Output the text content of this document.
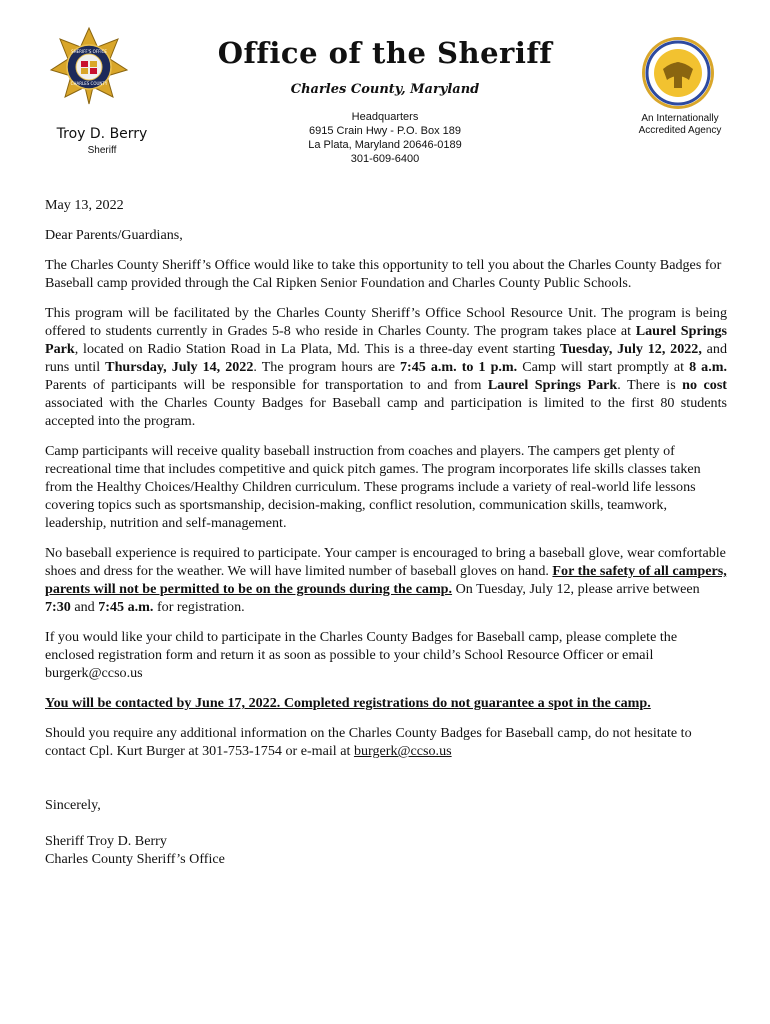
SHERIFF'S OFFICE
CHARLES COUNTY
Office of the Sheriff
Charles County, Maryland
Headquarters
6915 Crain Hwy - P.O. Box 189
La Plata, Maryland 20646-0189
301-609-6400
Troy D. Berry
Sheriff
An Internationally
Accredited Agency

May 13, 2022

Dear Parents/Guardians,

The Charles County Sheriff’s Office would like to take this opportunity to tell you about the Charles County Badges for Baseball camp provided through the Cal Ripken Senior Foundation and Charles County Public Schools.

This program will be facilitated by the Charles County Sheriff’s Office School Resource Unit. The program is being offered to students currently in Grades 5-8 who reside in Charles County. The program takes place at Laurel Springs Park, located on Radio Station Road in La Plata, Md. This is a three-day event starting Tuesday, July 12, 2022, and runs until Thursday, July 14, 2022. The program hours are 7:45 a.m. to 1 p.m. Camp will start promptly at 8 a.m. Parents of participants will be responsible for transportation to and from Laurel Springs Park. There is no cost associated with the Charles County Badges for Baseball camp and participation is limited to the first 80 students accepted into the program.

Camp participants will receive quality baseball instruction from coaches and players. The campers get plenty of recreational time that includes competitive and quick pitch games. The program incorporates life skills classes taken from the Healthy Choices/Healthy Children curriculum. These programs include a variety of real-world life lessons covering topics such as sportsmanship, decision-making, conflict resolution, communication skills, teamwork, leadership, nutrition and self-management.

No baseball experience is required to participate. Your camper is encouraged to bring a baseball glove, wear comfortable shoes and dress for the weather. We will have limited number of baseball gloves on hand. For the safety of all campers, parents will not be permitted to be on the grounds during the camp. On Tuesday, July 12, please arrive between 7:30 and 7:45 a.m. for registration.

If you would like your child to participate in the Charles County Badges for Baseball camp, please complete the enclosed registration form and return it as soon as possible to your child’s School Resource Officer or email burgerk@ccso.us

You will be contacted by June 17, 2022. Completed registrations do not guarantee a spot in the camp.

Should you require any additional information on the Charles County Badges for Baseball camp, do not hesitate to contact Cpl. Kurt Burger at 301-753-1754 or e-mail at burgerk@ccso.us

Sincerely,

Sheriff Troy D. Berry

Charles County Sheriff’s Office
